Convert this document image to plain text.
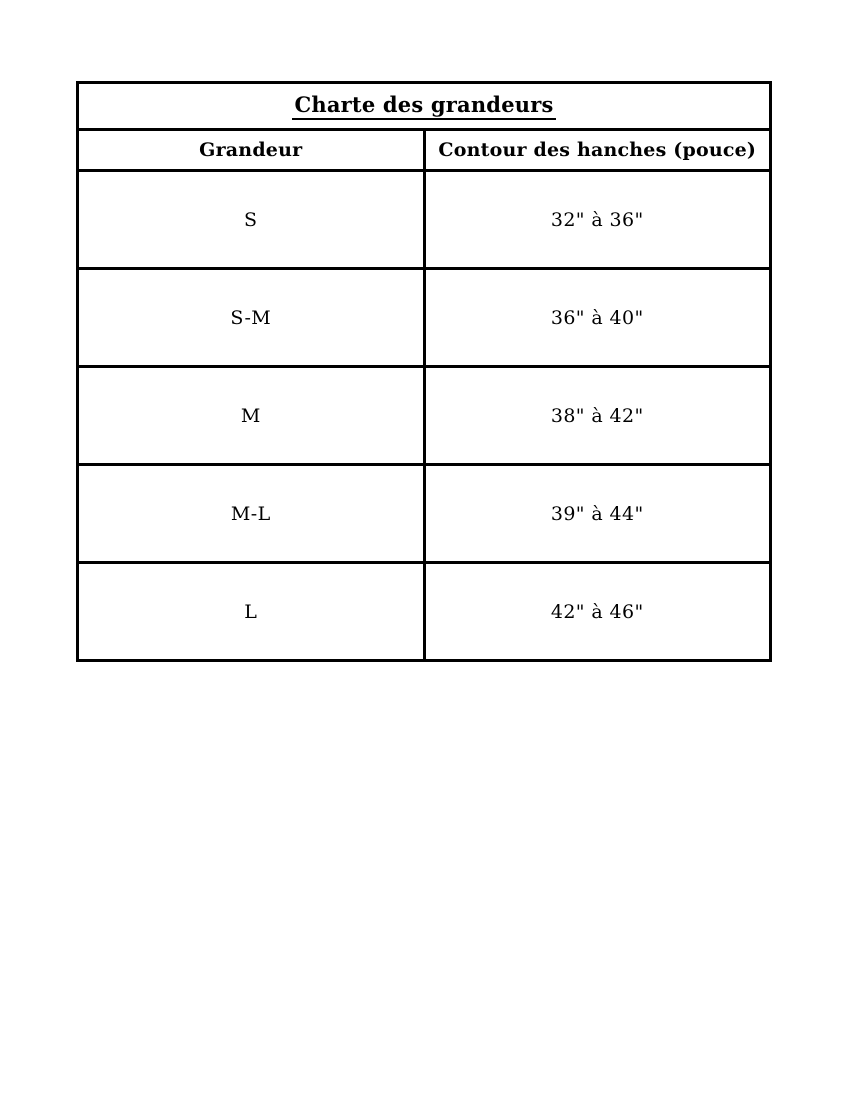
Charte des grandeurs	
Grandeur	Contour des hanches (pouce)
S	32" à 36"
S-M	36" à 40"
M	38" à 42"
M-L	39" à 44"
L	42" à 46"
